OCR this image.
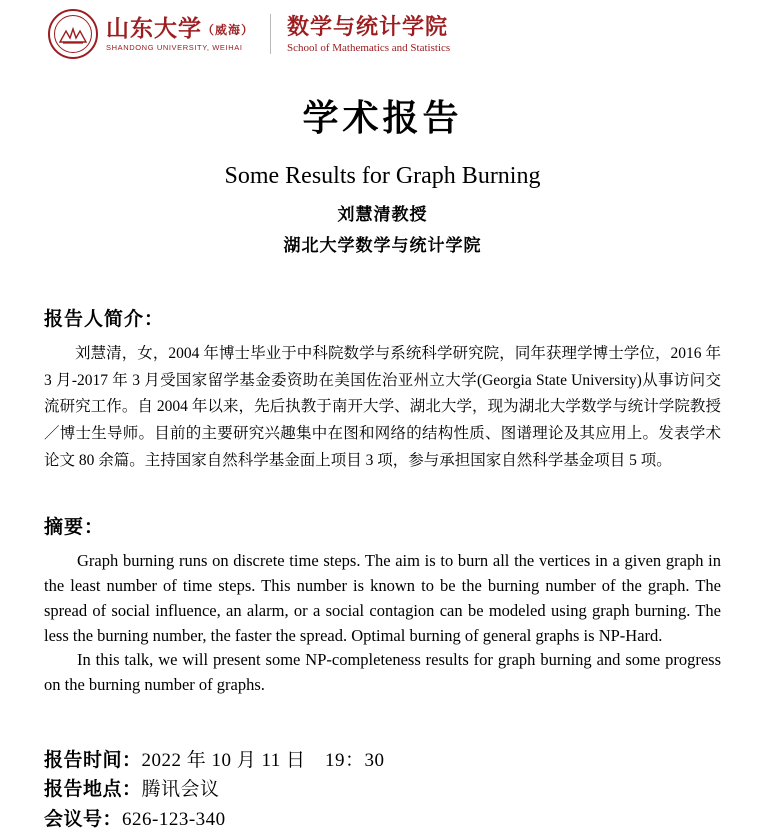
山东大学（威海）
SHANDONG UNIVERSITY, WEIHAI
数学与统计学院
School of Mathematics and Statistics
学术报告
Some Results for Graph Burning
刘慧清教授
湖北大学数学与统计学院
报告人简介：

刘慧清，女，2004 年博士毕业于中科院数学与系统科学研究院，同年获理学博士学位，2016 年 3 月-2017 年 3 月受国家留学基金委资助在美国佐治亚州立大学(Georgia State University)从事访问交流研究工作。自 2004 年以来，先后执教于南开大学、湖北大学，现为湖北大学数学与统计学院教授／博士生导师。目前的主要研究兴趣集中在图和网络的结构性质、图谱理论及其应用上。发表学术论文 80 余篇。主持国家自然科学基金面上项目 3 项，参与承担国家自然科学基金项目 5 项。

摘要：

Graph burning runs on discrete time steps. The aim is to burn all the vertices in a given graph in the least number of time steps. This number is known to be the burning number of the graph. The spread of social influence, an alarm, or a social contagion can be modeled using graph burning. The less the burning number, the faster the spread. Optimal burning of general graphs is NP-Hard.

In this talk, we will present some NP-completeness results for graph burning and some progress on the burning number of graphs.

报告时间：2022 年 10 月 11 日　19：30
报告地点：腾讯会议
会议号：626-123-340
